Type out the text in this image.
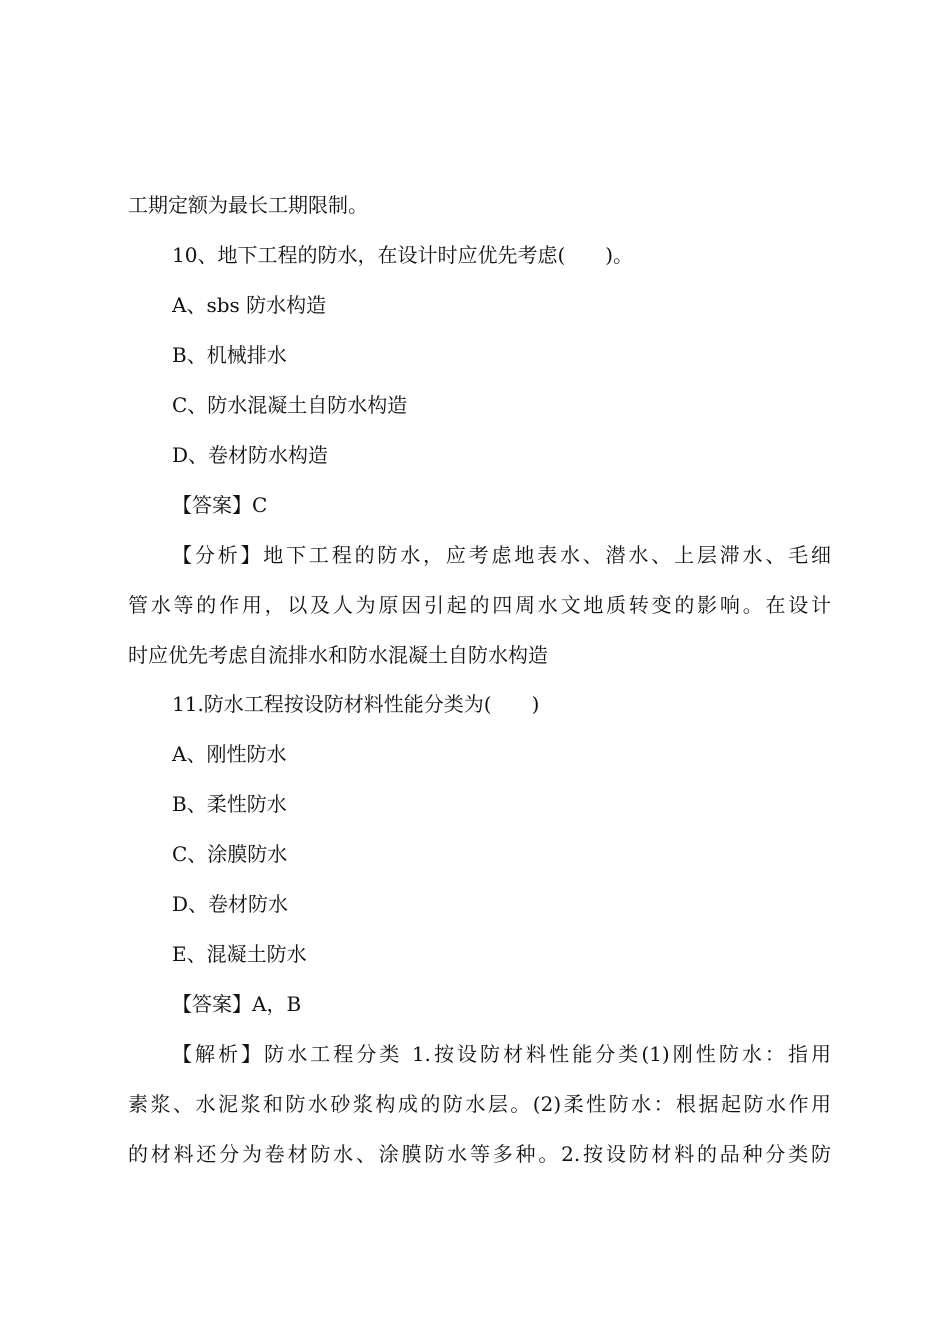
工期定额为最长工期限制。

10、地下工程的防水，在设计时应优先考虑(　　)。

A、sbs 防水构造

B、机械排水

C、防水混凝土自防水构造

D、卷材防水构造

【答案】C

【分析】地下工程的防水，应考虑地表水、潜水、上层滞水、毛细

管水等的作用，以及人为原因引起的四周水文地质转变的影响。在设计

时应优先考虑自流排水和防水混凝土自防水构造

11.防水工程按设防材料性能分类为(　　)

A、刚性防水

B、柔性防水

C、涂膜防水

D、卷材防水

E、混凝土防水

【答案】A，B

【解析】防水工程分类 1.按设防材料性能分类(1)刚性防水：指用

素浆、水泥浆和防水砂浆构成的防水层。(2)柔性防水：根据起防水作用

的材料还分为卷材防水、涂膜防水等多种。2.按设防材料的品种分类防
